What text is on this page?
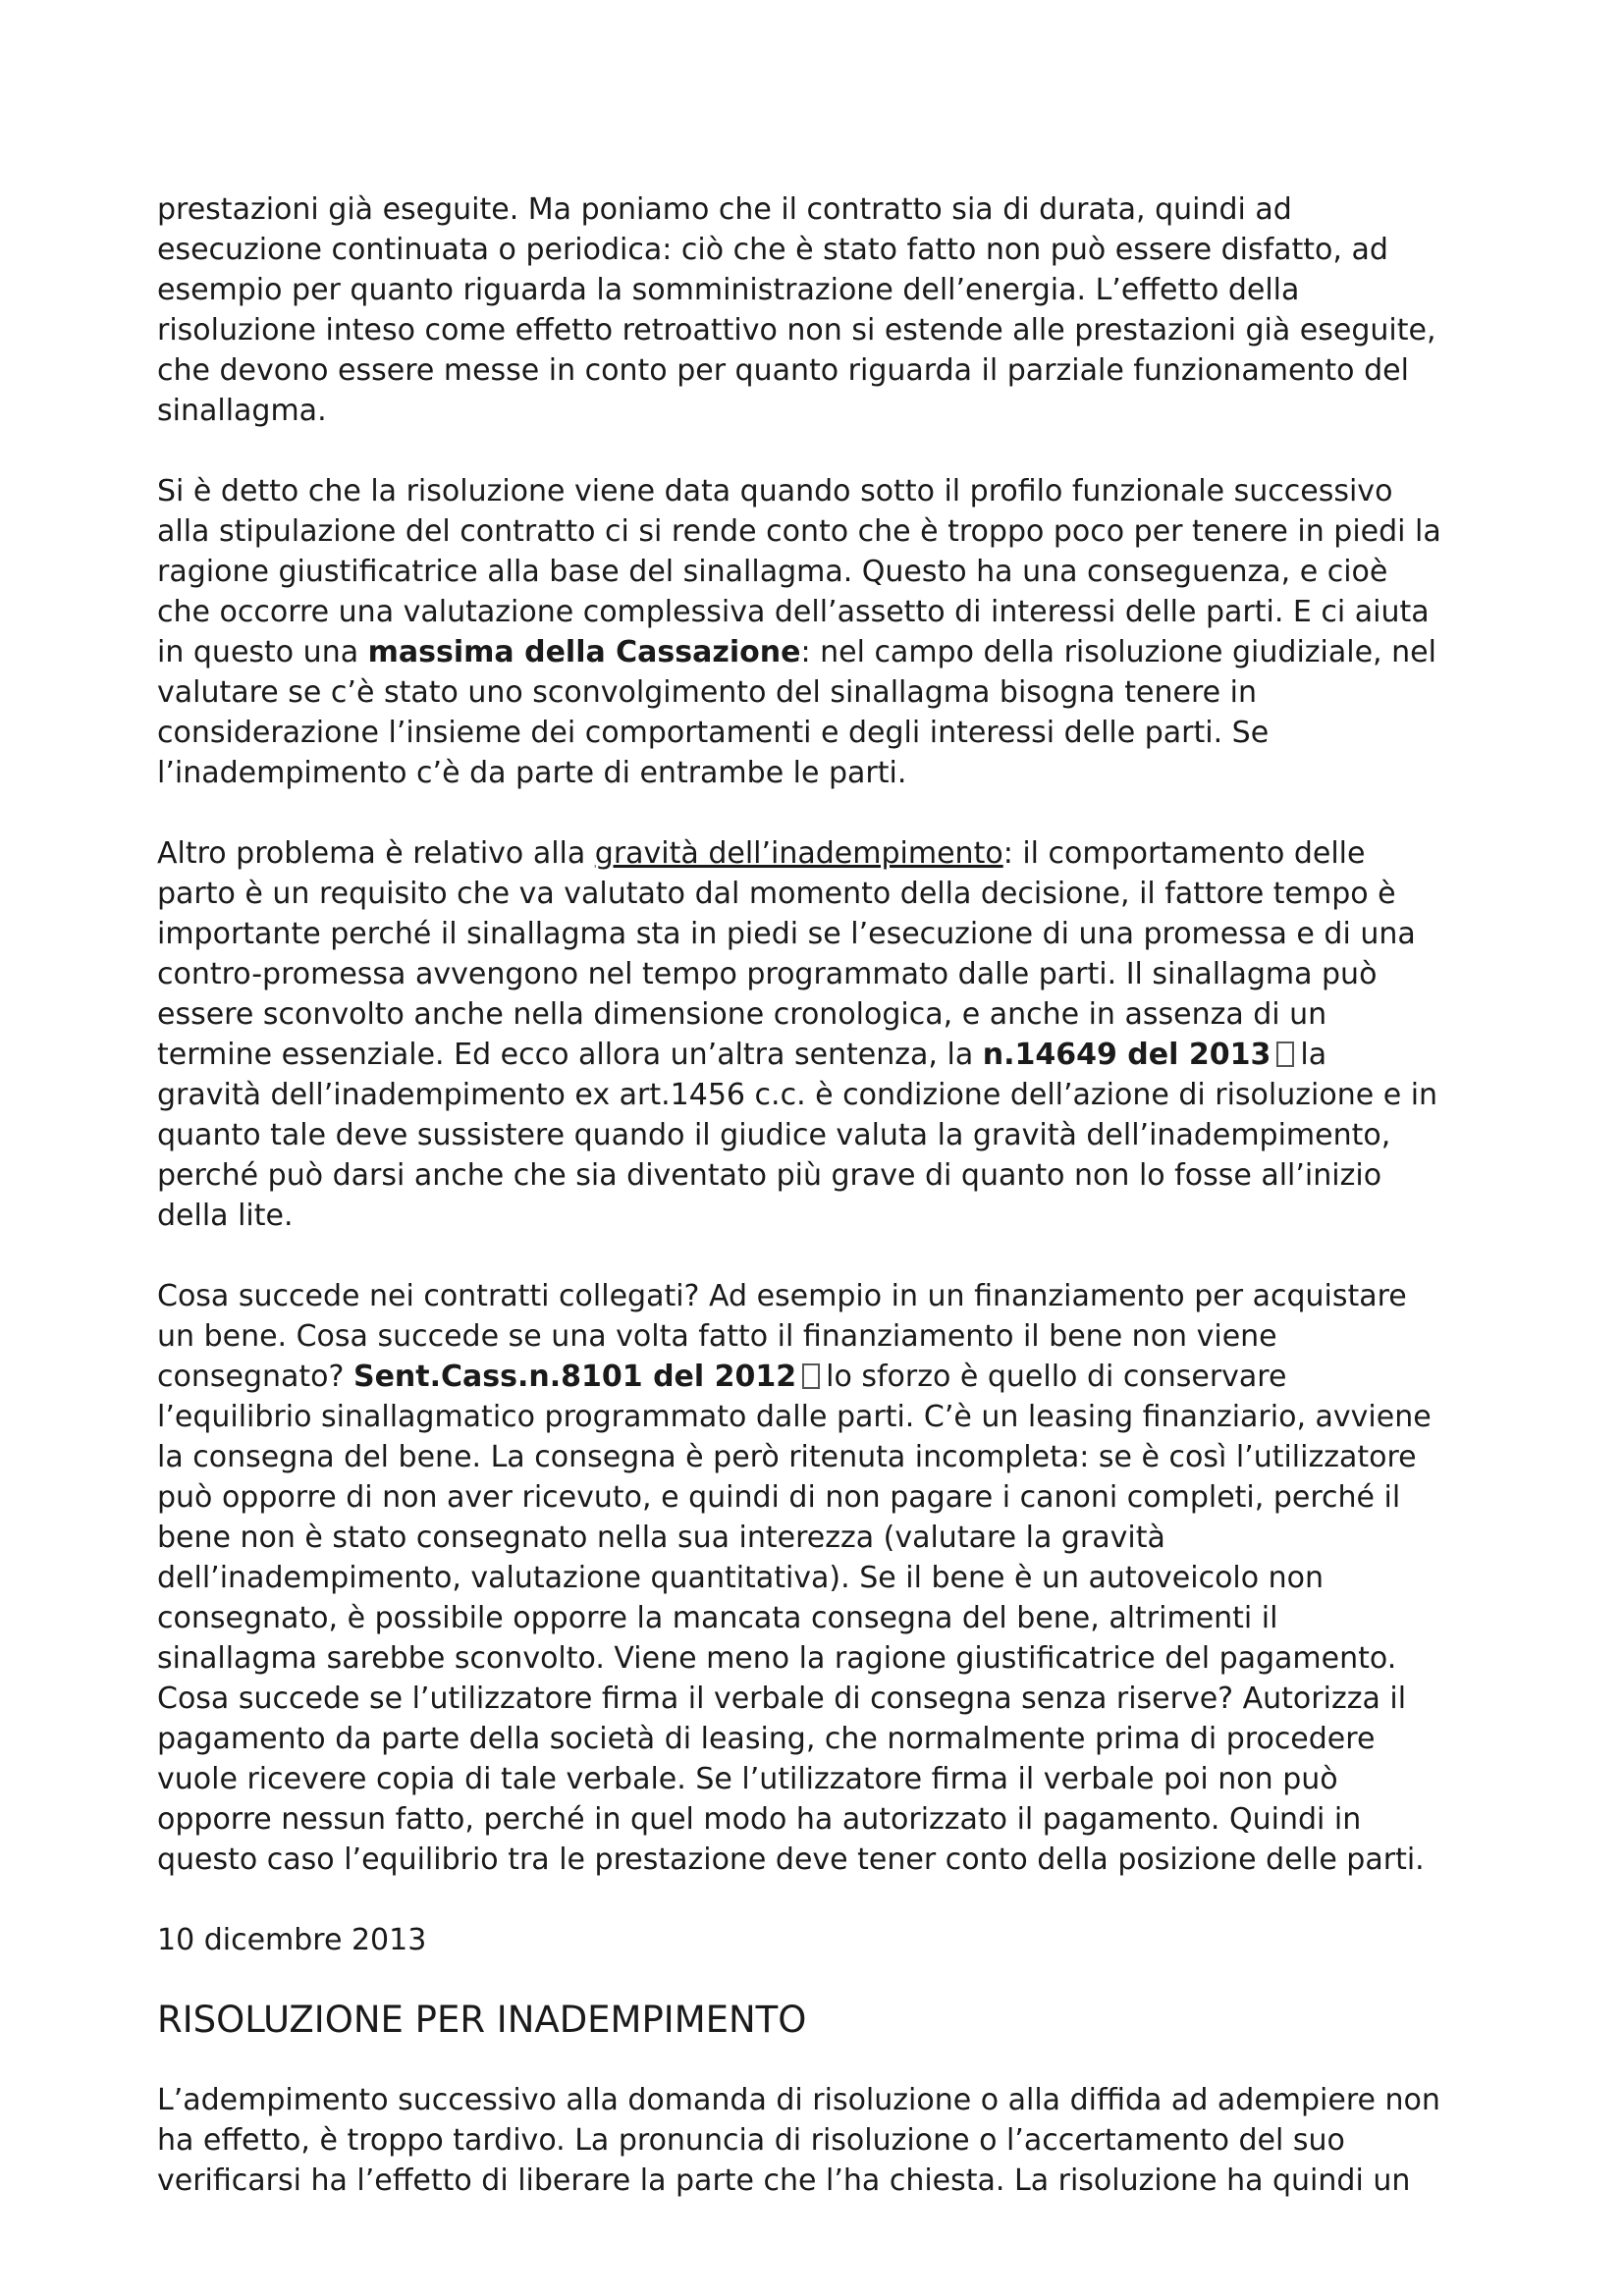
prestazioni già eseguite. Ma poniamo che il contratto sia di durata, quindi ad
esecuzione continuata o periodica: ciò che è stato fatto non può essere disfatto, ad
esempio per quanto riguarda la somministrazione dell’energia. L’effetto della
risoluzione inteso come effetto retroattivo non si estende alle prestazioni già eseguite,
che devono essere messe in conto per quanto riguarda il parziale funzionamento del
sinallagma.

Si è detto che la risoluzione viene data quando sotto il profilo funzionale successivo
alla stipulazione del contratto ci si rende conto che è troppo poco per tenere in piedi la
ragione giustificatrice alla base del sinallagma. Questo ha una conseguenza, e cioè
che occorre una valutazione complessiva dell’assetto di interessi delle parti. E ci aiuta
in questo una massima della Cassazione: nel campo della risoluzione giudiziale, nel
valutare se c’è stato uno sconvolgimento del sinallagma bisogna tenere in
considerazione l’insieme dei comportamenti e degli interessi delle parti. Se
l’inadempimento c’è da parte di entrambe le parti.

Altro problema è relativo alla gravità dell’inadempimento: il comportamento delle
parto è un requisito che va valutato dal momento della decisione, il fattore tempo è
importante perché il sinallagma sta in piedi se l’esecuzione di una promessa e di una
contro-promessa avvengono nel tempo programmato dalle parti. Il sinallagma può
essere sconvolto anche nella dimensione cronologica, e anche in assenza di un
termine essenziale. Ed ecco allora un’altra sentenza, la n.14649 del 2013 la
gravità dell’inadempimento ex art.1456 c.c. è condizione dell’azione di risoluzione e in
quanto tale deve sussistere quando il giudice valuta la gravità dell’inadempimento,
perché può darsi anche che sia diventato più grave di quanto non lo fosse all’inizio
della lite.

Cosa succede nei contratti collegati? Ad esempio in un finanziamento per acquistare
un bene. Cosa succede se una volta fatto il finanziamento il bene non viene
consegnato? Sent.Cass.n.8101 del 2012 lo sforzo è quello di conservare
l’equilibrio sinallagmatico programmato dalle parti. C’è un leasing finanziario, avviene
la consegna del bene. La consegna è però ritenuta incompleta: se è così l’utilizzatore
può opporre di non aver ricevuto, e quindi di non pagare i canoni completi, perché il
bene non è stato consegnato nella sua interezza (valutare la gravità
dell’inadempimento, valutazione quantitativa). Se il bene è un autoveicolo non
consegnato, è possibile opporre la mancata consegna del bene, altrimenti il
sinallagma sarebbe sconvolto. Viene meno la ragione giustificatrice del pagamento.
Cosa succede se l’utilizzatore firma il verbale di consegna senza riserve? Autorizza il
pagamento da parte della società di leasing, che normalmente prima di procedere
vuole ricevere copia di tale verbale. Se l’utilizzatore firma il verbale poi non può
opporre nessun fatto, perché in quel modo ha autorizzato il pagamento. Quindi in
questo caso l’equilibrio tra le prestazione deve tener conto della posizione delle parti.

10 dicembre 2013

RISOLUZIONE PER INADEMPIMENTO

L’adempimento successivo alla domanda di risoluzione o alla diffida ad adempiere non
ha effetto, è troppo tardivo. La pronuncia di risoluzione o l’accertamento del suo
verificarsi ha l’effetto di liberare la parte che l’ha chiesta. La risoluzione ha quindi un
